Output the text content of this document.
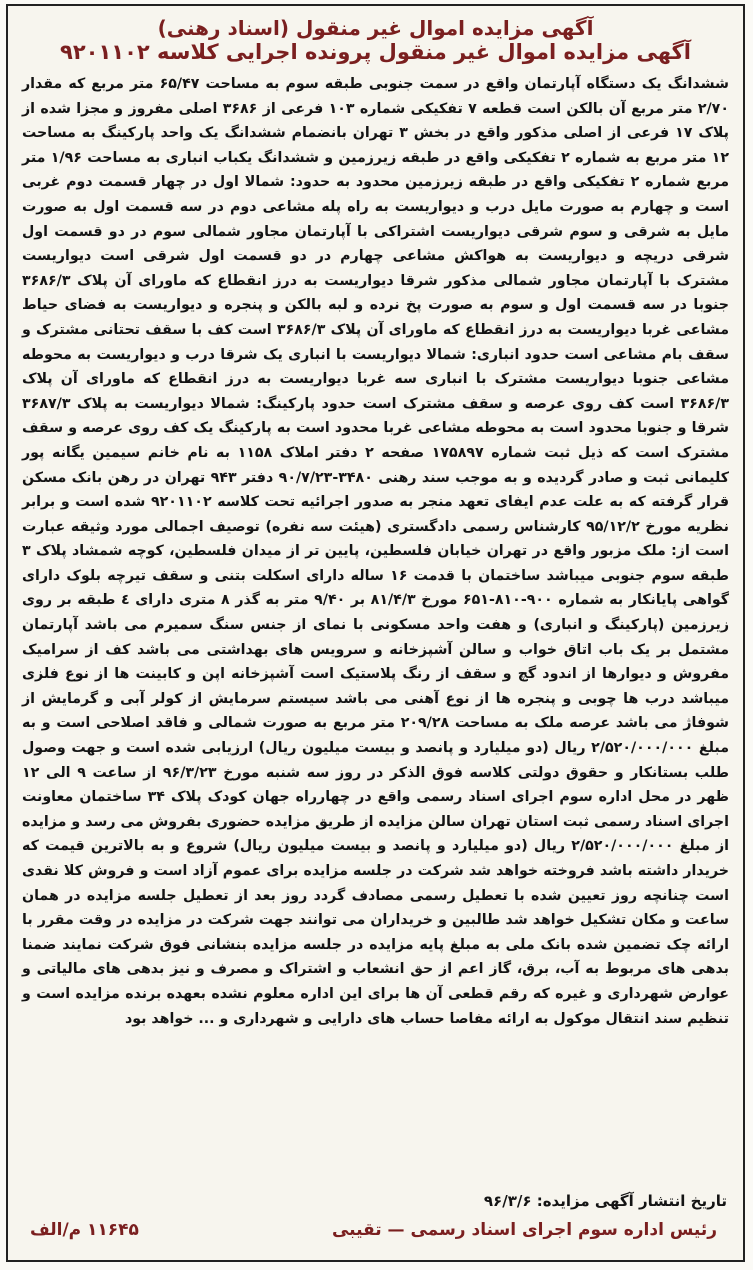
آگهی مزایده اموال غیر منقول (اسناد رهنی)
آگهی مزایده اموال غیر منقول پرونده اجرایی کلاسه ۹۲۰۱۱۰۲
ششدانگ یک دستگاه آپارتمان واقع در سمت جنوبی طبقه سوم به مساحت ۶۵/۴۷ متر مربع که مقدار ۲/۷۰ متر مربع آن بالکن است قطعه ۷ تفکیکی شماره ۱۰۳ فرعی از ۳۶۸۶ اصلی مفروز و مجزا شده از پلاک ۱۷ فرعی از اصلی مذکور واقع در بخش ۳ تهران بانضمام ششدانگ یک واحد پارکینگ به مساحت ۱۲ متر مربع به شماره ۲ تفکیکی واقع در طبقه زیرزمین و ششدانگ یکباب انباری به مساحت ۱/۹۶ متر مربع شماره ۲ تفکیکی واقع در طبقه زیرزمین محدود به حدود: شمالا اول در چهار قسمت دوم غربی است و چهارم به صورت مایل درب و دیواریست به راه پله مشاعی دوم در سه قسمت اول به صورت مایل به شرقی و سوم شرقی دیواریست اشتراکی با آپارتمان مجاور شمالی سوم در دو قسمت اول شرقی دریچه و دیواریست به هواکش مشاعی چهارم در دو قسمت اول شرقی است دیواریست مشترک با آپارتمان مجاور شمالی مذکور شرقا دیواریست به درز انقطاع که ماورای آن پلاک ۳۶۸۶/۳ جنوبا در سه قسمت اول و سوم به صورت پخ نرده و لبه بالکن و پنجره و دیواریست به فضای حیاط مشاعی غربا دیواریست به درز انقطاع که ماورای آن پلاک ۳۶۸۶/۳ است کف با سقف تحتانی مشترک و سقف بام مشاعی است حدود انباری: شمالا دیواریست با انباری یک شرقا درب و دیواریست به محوطه مشاعی جنوبا دیواریست مشترک با انباری سه غربا دیواریست به درز انقطاع که ماورای آن پلاک ۳۶۸۶/۳ است کف روی عرصه و سقف مشترک است حدود پارکینگ: شمالا دیواریست به پلاک ۳۶۸۷/۳ شرقا و جنوبا محدود است به محوطه مشاعی غربا محدود است به پارکینگ یک کف روی عرصه و سقف مشترک است که ذیل ثبت شماره ۱۷۵۸۹۷ صفحه ۲ دفتر املاک ۱۱۵۸ به نام خانم سیمین یگانه پور کلیمانی ثبت و صادر گردیده و به موجب سند رهنی ۳۴۸۰-۹۰/۷/۲۳ دفتر ۹۴۳ تهران در رهن بانک مسکن قرار گرفته که به علت عدم ایفای تعهد منجر به صدور اجرائیه تحت کلاسه ۹۲۰۱۱۰۲ شده است و برابر نظریه مورخ ۹۵/۱۲/۲ کارشناس رسمی دادگستری (هیئت سه نفره) توصیف اجمالی مورد وثیقه عبارت است از: ملک مزبور واقع در تهران خیابان فلسطین، پایین تر از میدان فلسطین، کوچه شمشاد پلاک ۳ طبقه سوم جنوبی میباشد ساختمان با قدمت ۱۶ ساله دارای اسکلت بتنی و سقف تیرچه بلوک دارای گواهی پایانکار به شماره ۹۰۰-۸۱۰-۶۵۱ مورخ ۸۱/۴/۳ بر ۹/۴۰ متر به گذر ۸ متری دارای ٤ طبقه بر روی زیرزمین (پارکینگ و انباری) و هفت واحد مسکونی با نمای از جنس سنگ سمیرم می باشد آپارتمان مشتمل بر یک باب اتاق خواب و سالن آشپزخانه و سرویس های بهداشتی می باشد کف از سرامیک مفروش و دیوارها از اندود گچ و سقف از رنگ پلاستیک است آشپزخانه اپن و کابینت ها از نوع فلزی میباشد درب ها چوبی و پنجره ها از نوع آهنی می باشد سیستم سرمایش از کولر آبی و گرمایش از شوفاژ می باشد عرصه ملک به مساحت ۲۰۹/۲۸ متر مربع به صورت شمالی و فاقد اصلاحی است و به مبلغ ۲/۵۲۰/۰۰۰/۰۰۰ ریال (دو میلیارد و پانصد و بیست میلیون ریال) ارزیابی شده است و جهت وصول طلب بستانکار و حقوق دولتی کلاسه فوق الذکر در روز سه شنبه مورخ ۹۶/۳/۲۳ از ساعت ۹ الی ۱۲ ظهر در محل اداره سوم اجرای اسناد رسمی واقع در چهارراه جهان کودک پلاک ۳۴ ساختمان معاونت اجرای اسناد رسمی ثبت استان تهران سالن مزایده از طریق مزایده حضوری بفروش می رسد و مزایده از مبلغ ۲/۵۲۰/۰۰۰/۰۰۰ ریال (دو میلیارد و پانصد و بیست میلیون ریال) شروع و به بالاترین قیمت که خریدار داشته باشد فروخته خواهد شد شرکت در جلسه مزایده برای عموم آزاد است و فروش کلا نقدی است چنانچه روز تعیین شده با تعطیل رسمی مصادف گردد روز بعد از تعطیل جلسه مزایده در همان ساعت و مکان تشکیل خواهد شد طالبین و خریداران می توانند جهت شرکت در مزایده در وقت مقرر با ارائه چک تضمین شده بانک ملی به مبلغ پایه مزایده در جلسه مزایده بنشانی فوق شرکت نمایند ضمنا بدهی های مربوط به آب، برق، گاز اعم از حق انشعاب و اشتراک و مصرف و نیز بدهی های مالیاتی و عوارض شهرداری و غیره که رقم قطعی آن ها برای این اداره معلوم نشده بعهده برنده مزایده است و تنظیم سند انتقال موکول به ارائه مفاصا حساب های دارایی و شهرداری و ... خواهد بود
تاریخ انتشار آگهی مزایده: ۹۶/۳/۶
۱۱۶۴۵ م/الف	رئیس اداره سوم اجرای اسناد رسمی — تقیبی
